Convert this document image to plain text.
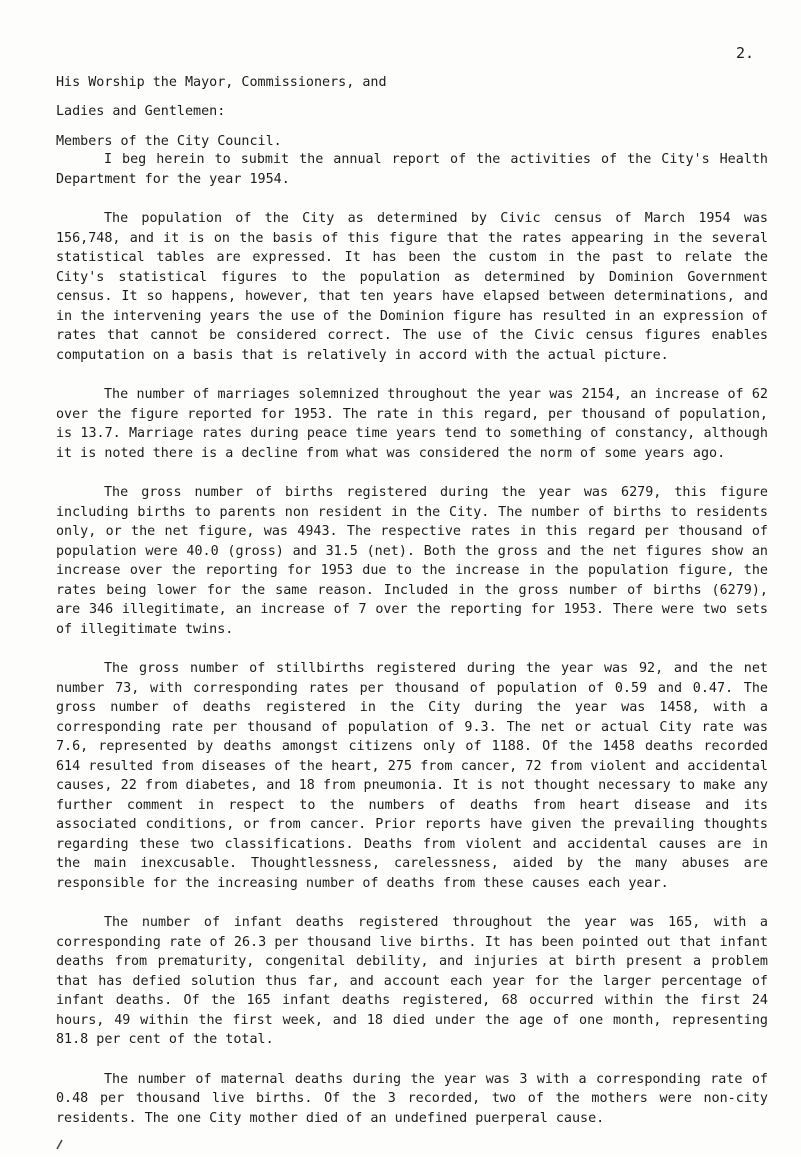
His Worship the Mayor, Commissioners, and

Members of the City Council.

2.
Ladies and Gentlemen:

I beg herein to submit the annual report of the activities of the City's Health Department for the year 1954.

The population of the City as determined by Civic census of March 1954 was 156,748, and it is on the basis of this figure that the rates appearing in the several statistical tables are expressed. It has been the custom in the past to relate the City's statistical figures to the population as determined by Dominion Government census. It so happens, however, that ten years have elapsed between determinations, and in the intervening years the use of the Dominion figure has resulted in an expression of rates that cannot be considered correct. The use of the Civic census figures enables computation on a basis that is relatively in accord with the actual picture.

The number of marriages solemnized throughout the year was 2154, an increase of 62 over the figure reported for 1953. The rate in this regard, per thousand of population, is 13.7. Marriage rates during peace time years tend to something of constancy, although it is noted there is a decline from what was considered the norm of some years ago.

The gross number of births registered during the year was 6279, this figure including births to parents non resident in the City. The number of births to residents only, or the net figure, was 4943. The respective rates in this regard per thousand of population were 40.0 (gross) and 31.5 (net). Both the gross and the net figures show an increase over the reporting for 1953 due to the increase in the population figure, the rates being lower for the same reason. Included in the gross number of births (6279), are 346 illegitimate, an increase of 7 over the reporting for 1953. There were two sets of illegitimate twins.

The gross number of stillbirths registered during the year was 92, and the net number 73, with corresponding rates per thousand of population of 0.59 and 0.47. The gross number of deaths registered in the City during the year was 1458, with a corresponding rate per thousand of population of 9.3. The net or actual City rate was 7.6, represented by deaths amongst citizens only of 1188. Of the 1458 deaths recorded 614 resulted from diseases of the heart, 275 from cancer, 72 from violent and accidental causes, 22 from diabetes, and 18 from pneumonia. It is not thought necessary to make any further comment in respect to the numbers of deaths from heart disease and its associated conditions, or from cancer. Prior reports have given the prevailing thoughts regarding these two classifications. Deaths from violent and accidental causes are in the main inexcusable. Thoughtlessness, carelessness, aided by the many abuses are responsible for the increasing number of deaths from these causes each year.

The number of infant deaths registered throughout the year was 165, with a corresponding rate of 26.3 per thousand live births. It has been pointed out that infant deaths from prematurity, congenital debility, and injuries at birth present a problem that has defied solution thus far, and account each year for the larger percentage of infant deaths. Of the 165 infant deaths registered, 68 occurred within the first 24 hours, 49 within the first week, and 18 died under the age of one month, representing 81.8 per cent of the total.

The number of maternal deaths during the year was 3 with a corresponding rate of 0.48 per thousand live births. Of the 3 recorded, two of the mothers were non-city residents. The one City mother died of an undefined puerperal cause.
